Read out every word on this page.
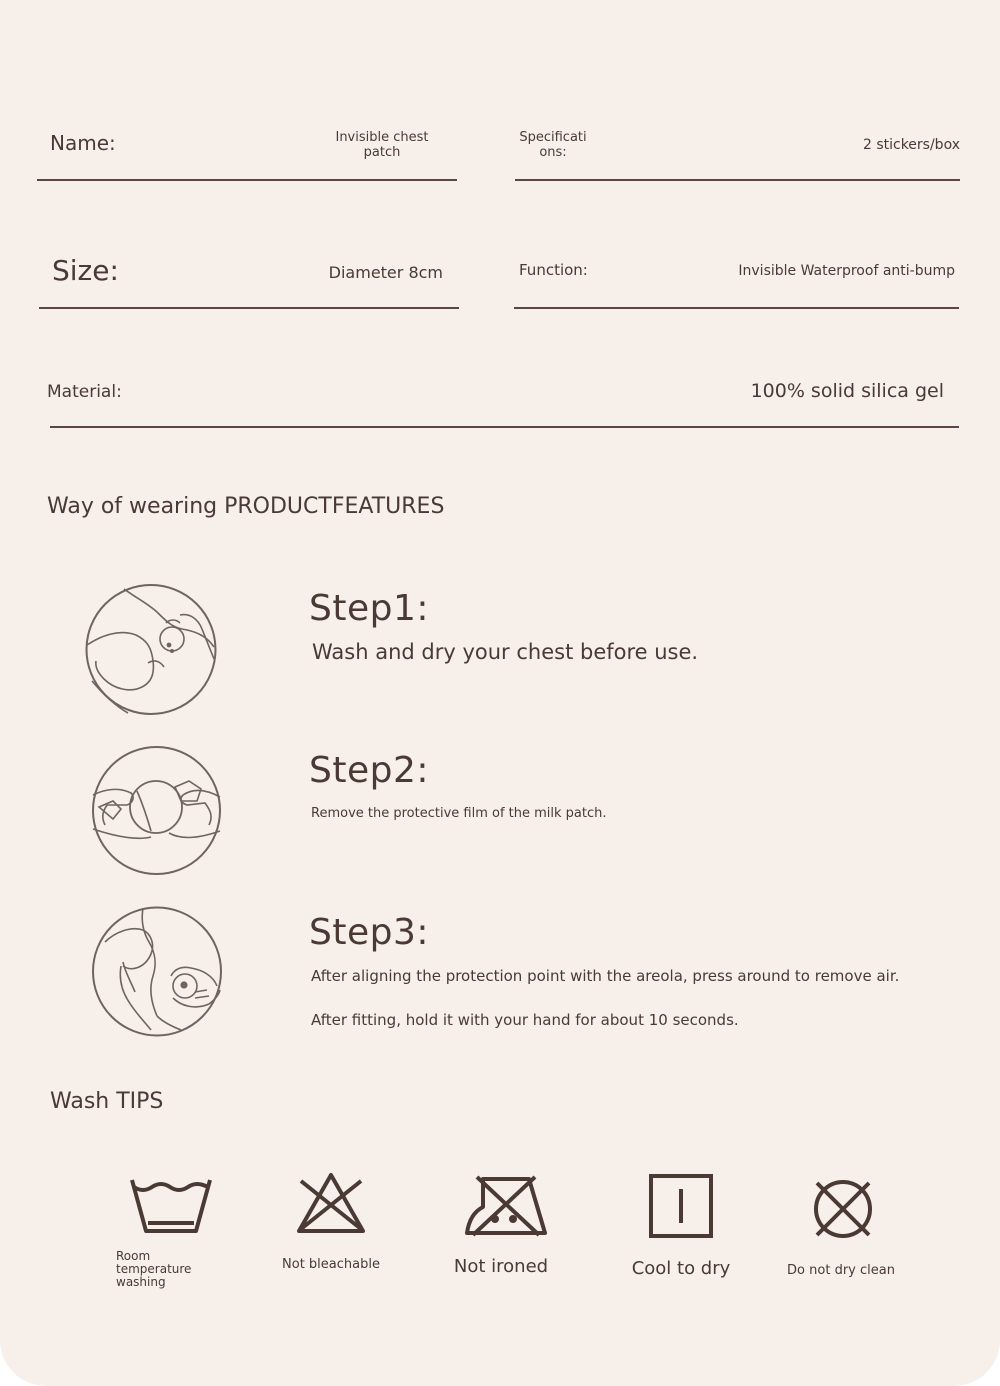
Name:	Invisible chest patch
Specifications:	2 stickers/box
Size:	Diameter 8cm	Function:	Invisible Waterproof anti-bump
Material:	100% solid silica gel
Way of wearing PRODUCTFEATURES
Step1:
Wash and dry your chest before use.
Step2:
Remove the protective film of the milk patch.
Step3:
After aligning the protection point with the areola, press around to remove air.
After fitting, hold it with your hand for about 10 seconds.
Wash TIPS
Room temperature washing
Not bleachable	Not ironed	Cool to dry	Do not dry clean
